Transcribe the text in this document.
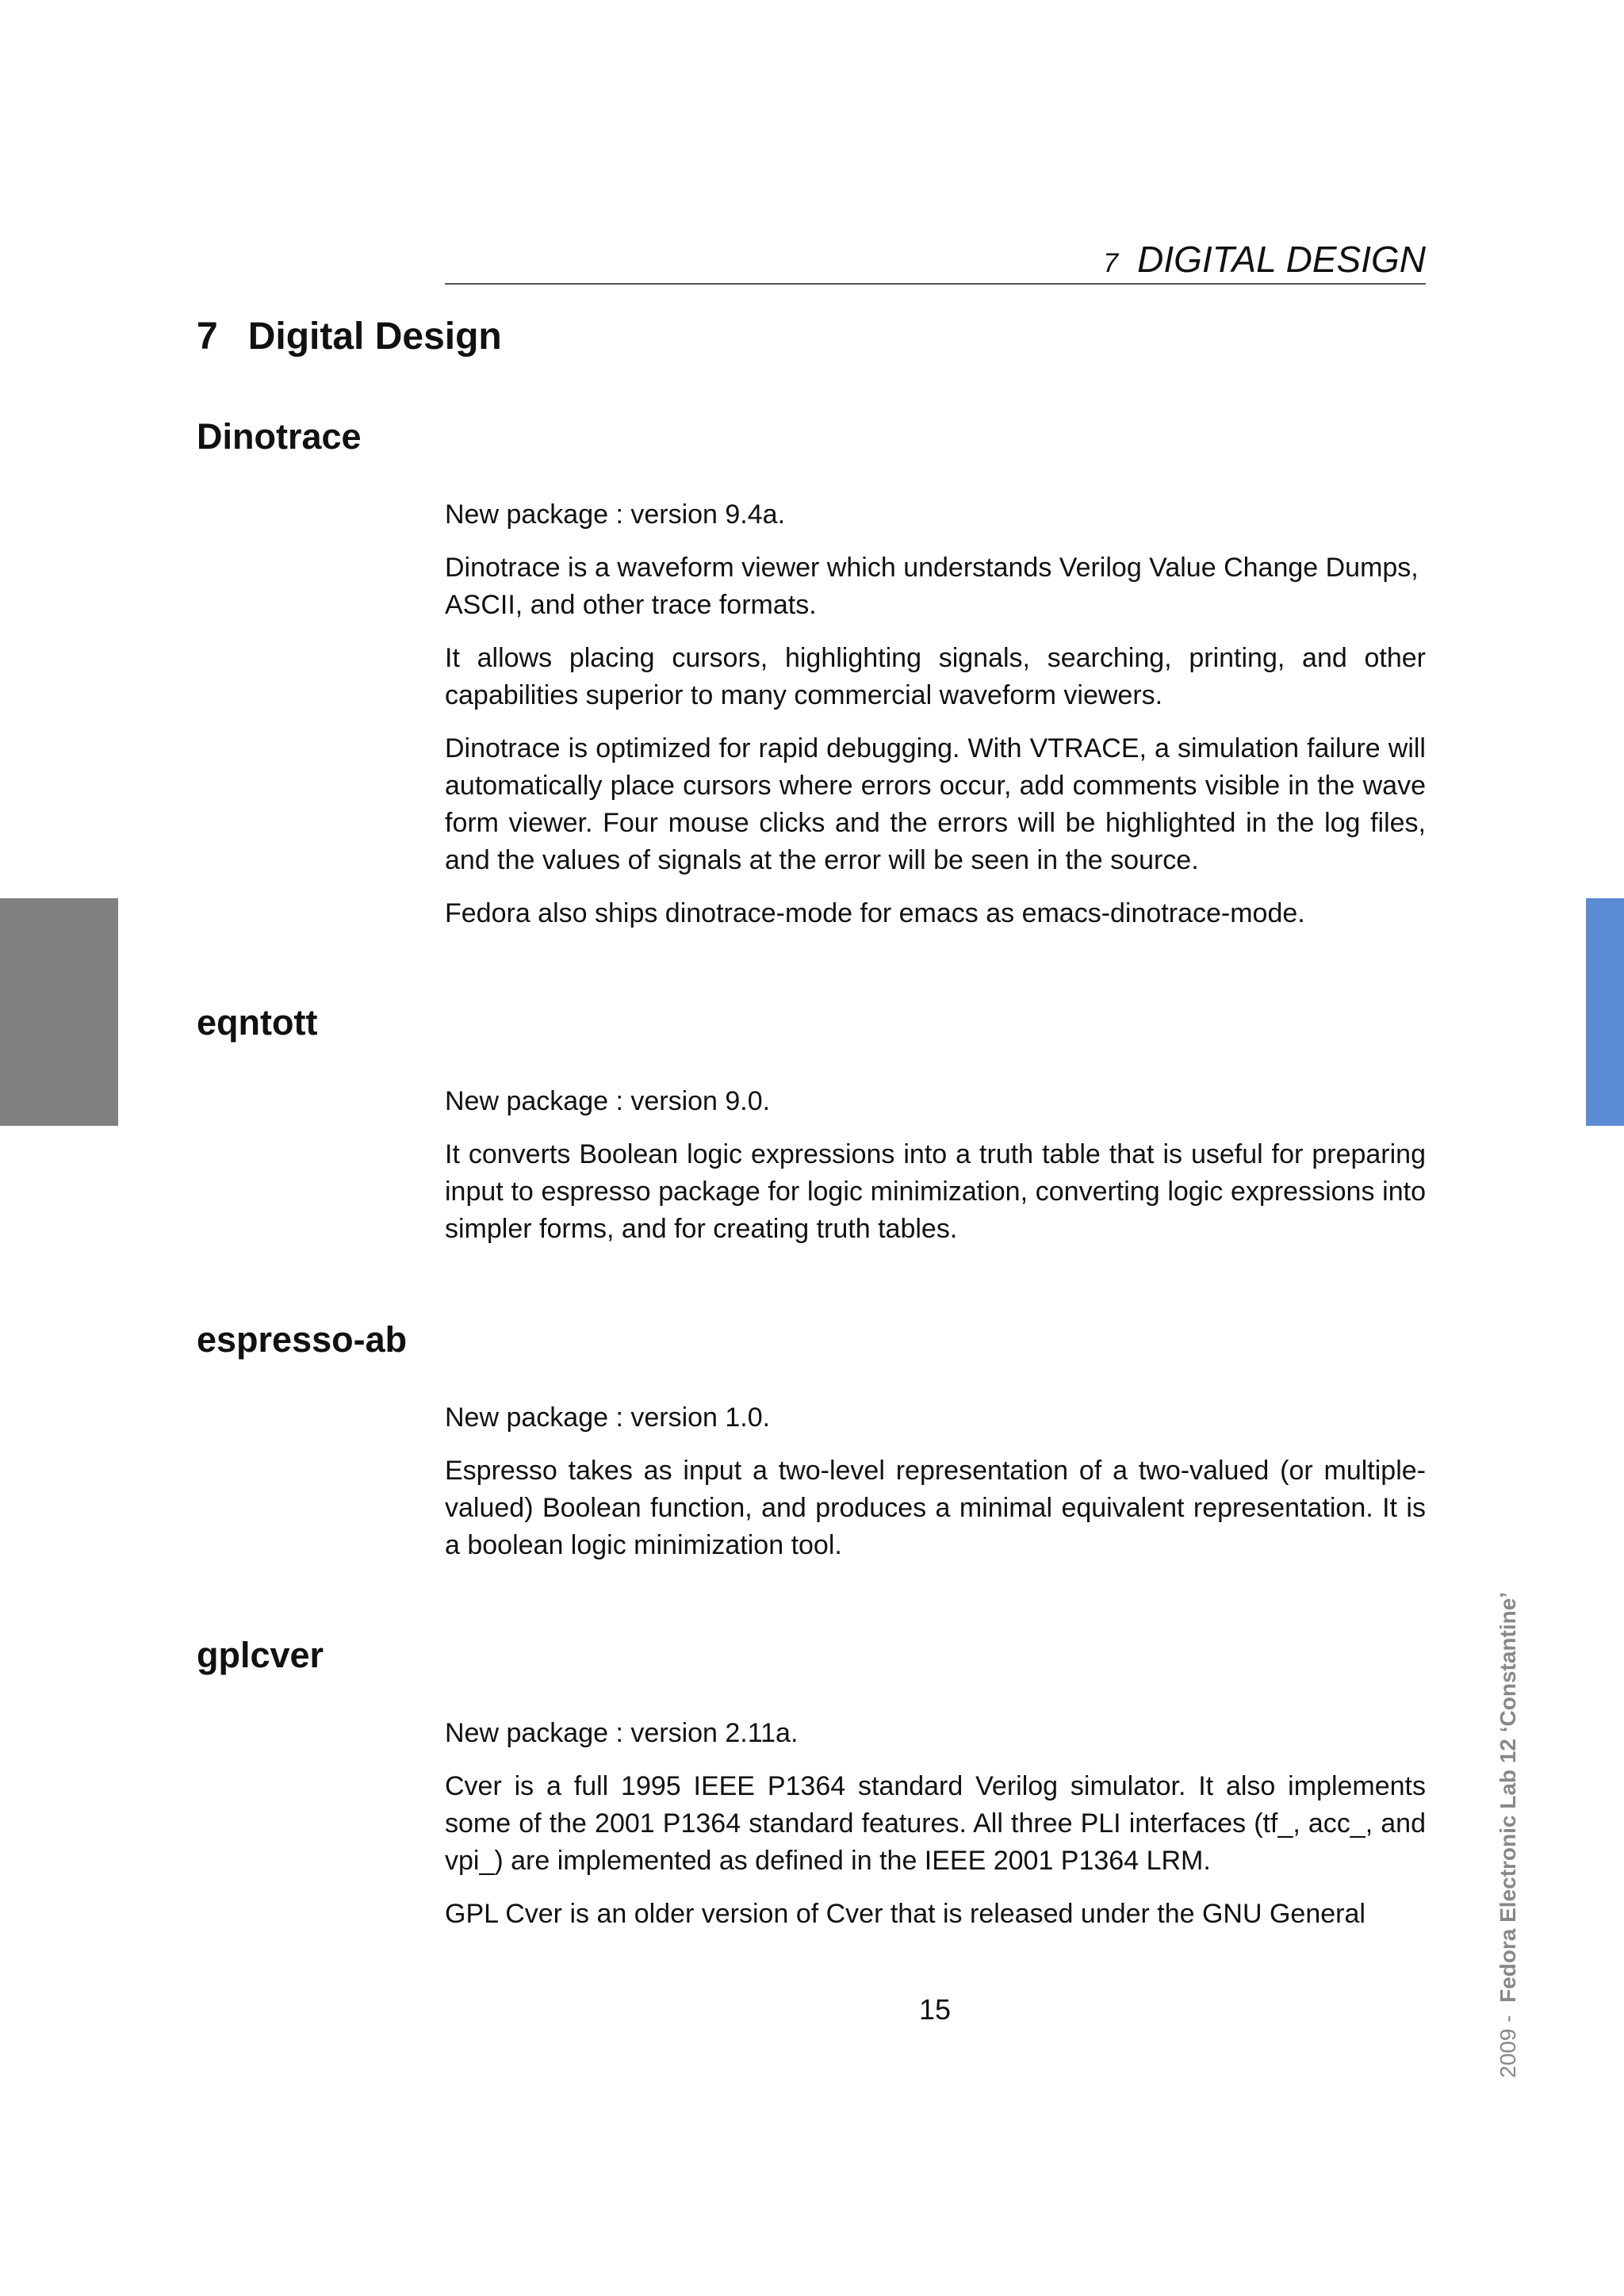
7 DIGITAL DESIGN
7 Digital Design
Dinotrace

New package : version 9.4a.

Dinotrace is a waveform viewer which understands Verilog Value Change Dumps, ASCII, and other trace formats.

It allows placing cursors, highlighting signals, searching, printing, and other capabilities superior to many commercial waveform viewers.

Dinotrace is optimized for rapid debugging. With VTRACE, a simulation failure will automatically place cursors where errors occur, add comments visible in the wave form viewer. Four mouse clicks and the errors will be highlighted in the log files, and the values of signals at the error will be seen in the source.

Fedora also ships dinotrace-mode for emacs as emacs-dinotrace-mode.

eqntott

New package : version 9.0.

It converts Boolean logic expressions into a truth table that is useful for preparing input to espresso package for logic minimization, converting logic expressions into simpler forms, and for creating truth tables.

espresso-ab

New package : version 1.0.

Espresso takes as input a two-level representation of a two-valued (or multiple-valued) Boolean function, and produces a minimal equivalent representation. It is a boolean logic minimization tool.

gplcver

New package : version 2.11a.

Cver is a full 1995 IEEE P1364 standard Verilog simulator. It also implements some of the 2001 P1364 standard features. All three PLI interfaces (tf_, acc_, and vpi_) are implemented as defined in the IEEE 2001 P1364 LRM.

GPL Cver is an older version of Cver that is released under the GNU General

15
2009 -  Fedora Electronic Lab 12 ‘Constantine’
